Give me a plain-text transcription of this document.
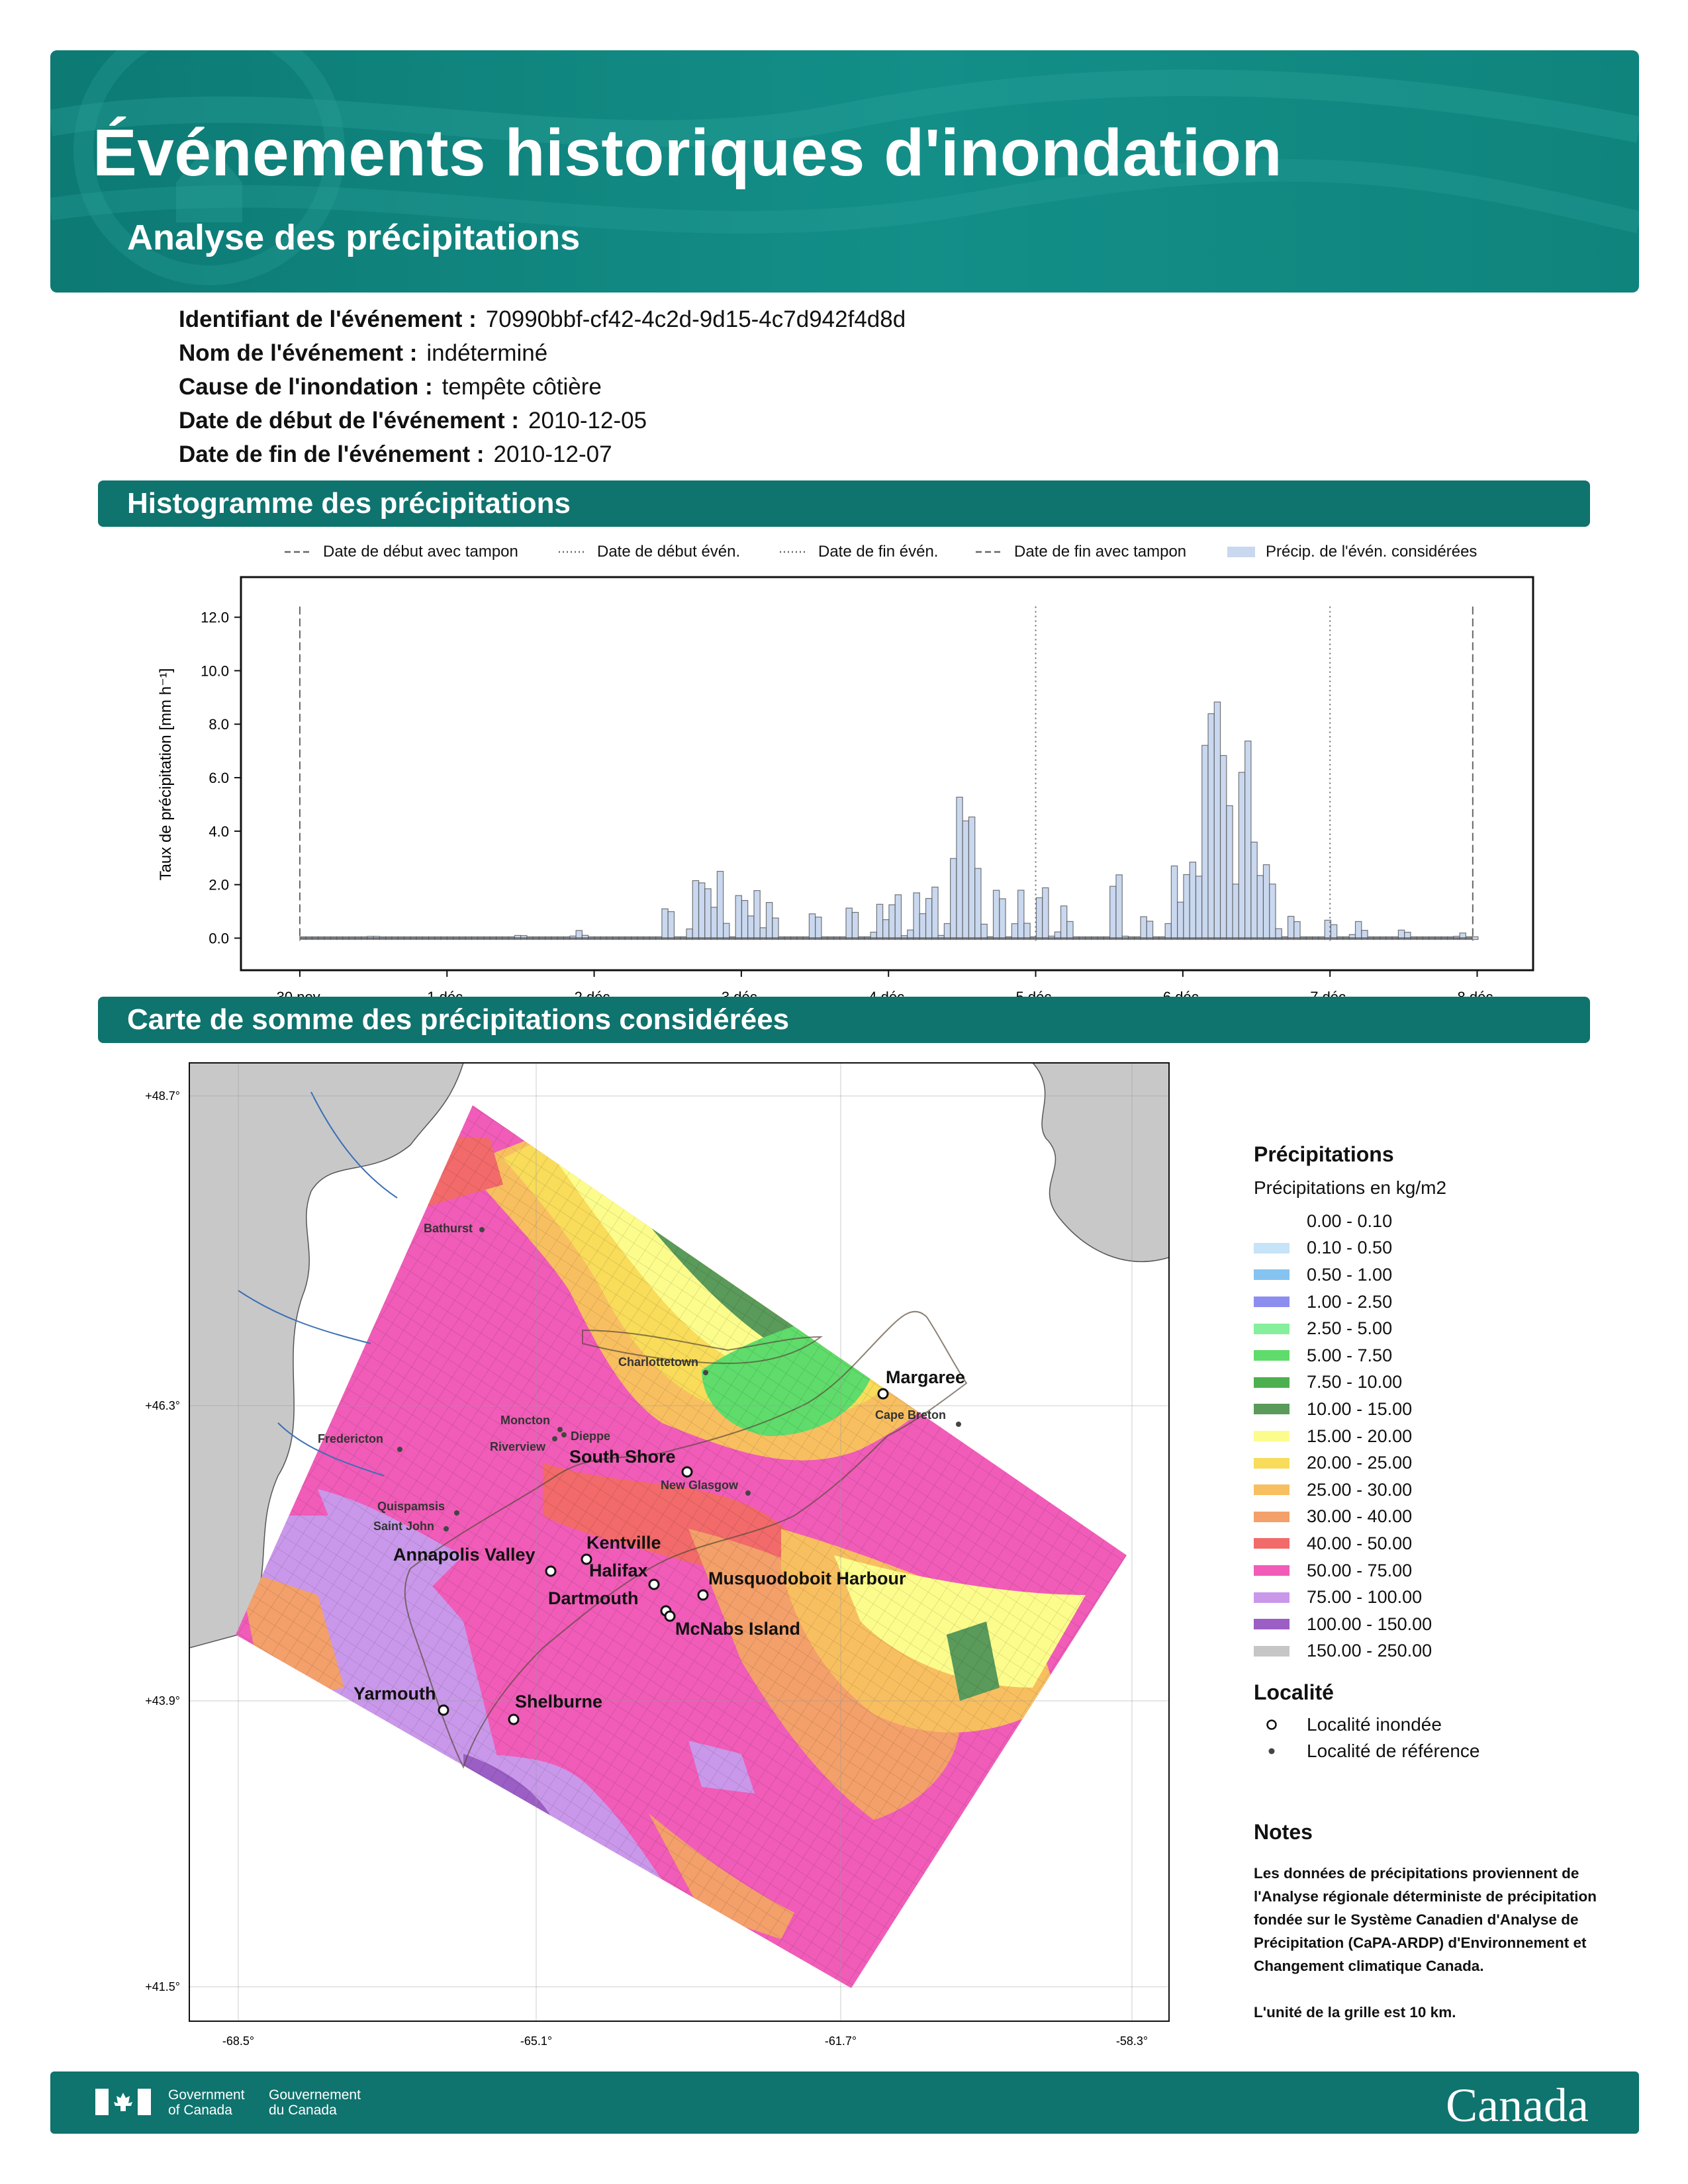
Événements historiques d'inondation
Analyse des précipitations
Identifiant de l'événement : 70990bbf-cf42-4c2d-9d15-4c7d942f4d8d
Nom de l'événement : indéterminé
Cause de l'inondation : tempête côtière
Date de début de l'événement : 2010-12-05
Date de fin de l'événement : 2010-12-07
Histogramme des précipitations
Date de début avec tampon	Date de début évén.	Date de fin évén.	Date de fin avec tampon	Précip. de l'évén. considérées
0.0
2.0
4.0
6.0
8.0
10.0
12.0
Taux de précipitation [mm h⁻¹]
Carte de somme des précipitations considérées
+48.7°
+46.3°
+43.9°
+41.5°
-68.5°	-65.1°	-61.7°	-58.3°
Bathurst
Charlottetown
Moncton
Dieppe
Riverview
Fredericton
Cape Breton
New Glasgow
Quispamsis
Saint John
Margaree
South Shore
Annapolis Valley
Kentville
Halifax
Dartmouth
Musquodoboit Harbour
McNabs Island
Yarmouth	Shelburne
Précipitations
Précipitations en kg/m2
0.00 - 0.10
0.10 - 0.50
0.50 - 1.00
1.00 - 2.50
2.50 - 5.00
5.00 - 7.50
7.50 - 10.00
10.00 - 15.00
15.00 - 20.00
20.00 - 25.00
25.00 - 30.00
30.00 - 40.00
40.00 - 50.00
50.00 - 75.00
75.00 - 100.00
100.00 - 150.00
150.00 - 250.00
Localité
Localité inondée
Localité de référence
Notes
Les données de précipitations proviennent de l'Analyse régionale déterministe de précipitation fondée sur le Système Canadien d'Analyse de Précipitation (CaPA-ARDP) d'Environnement et Changement climatique Canada.
L'unité de la grille est 10 km.
Government
of Canada
Gouvernement
du Canada	Canada
